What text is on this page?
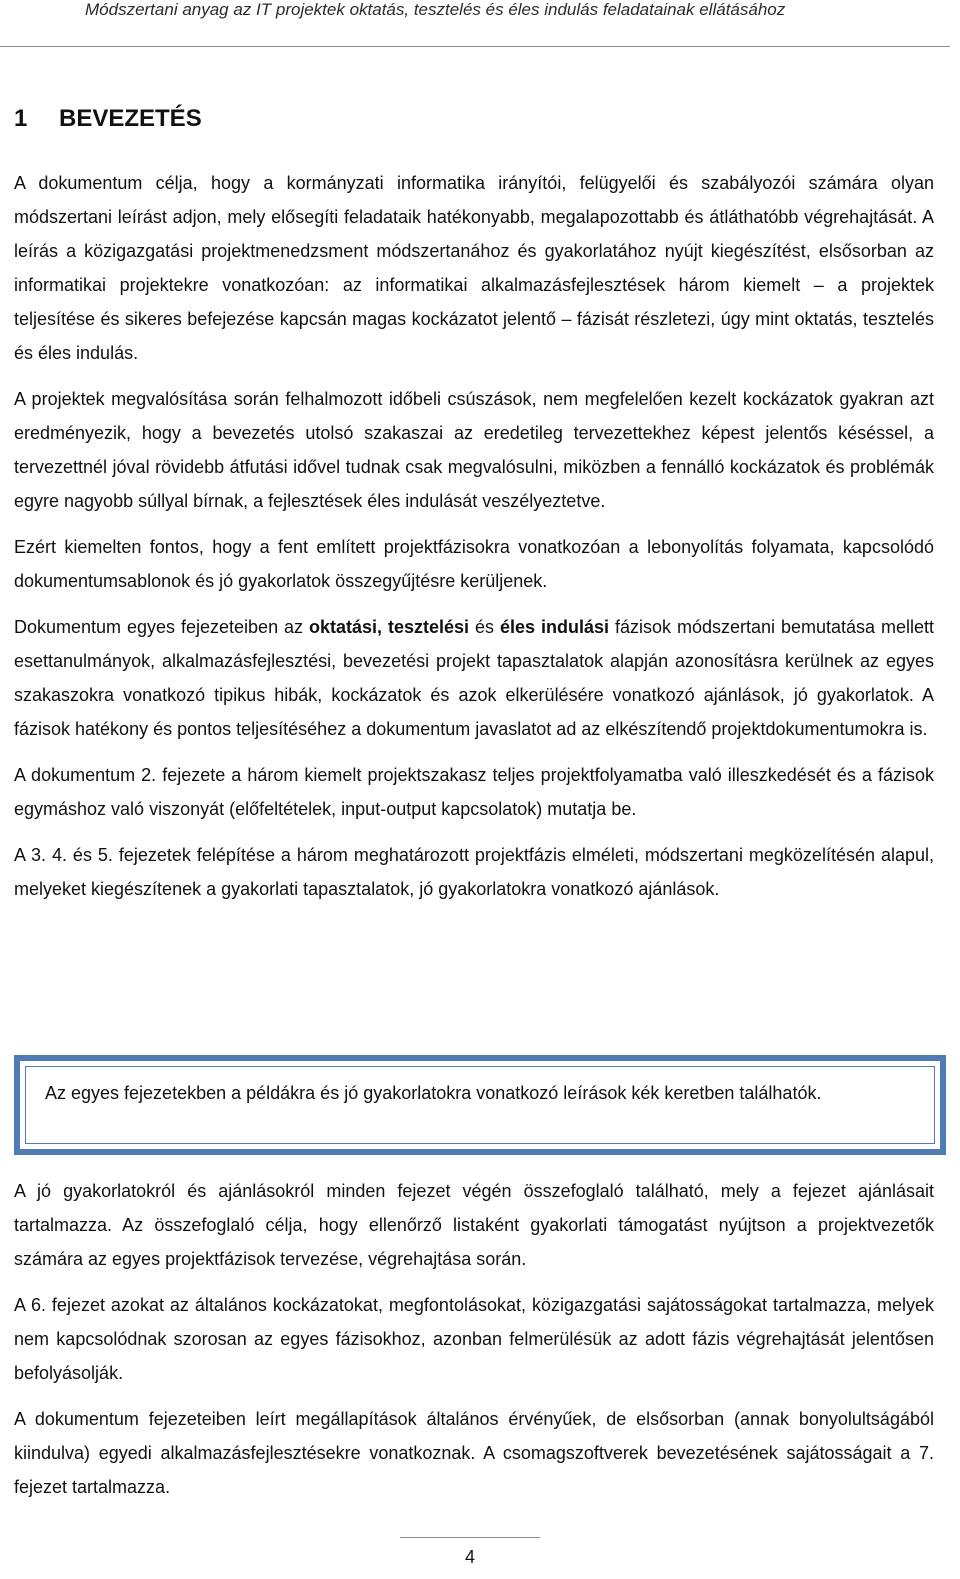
Módszertani anyag az IT projektek oktatás, tesztelés és éles indulás feladatainak ellátásához
1 BEVEZETÉS

A dokumentum célja, hogy a kormányzati informatika irányítói, felügyelői és szabályozói számára olyan módszertani leírást adjon, mely elősegíti feladataik hatékonyabb, megalapozottabb és átláthatóbb végrehajtását. A leírás a közigazgatási projektmenedzsment módszertanához és gyakorlatához nyújt kiegészítést, elsősorban az informatikai projektekre vonatkozóan: az informatikai alkalmazásfejlesztések három kiemelt – a projektek teljesítése és sikeres befejezése kapcsán magas kockázatot jelentő – fázisát részletezi, úgy mint oktatás, tesztelés és éles indulás.

A projektek megvalósítása során felhalmozott időbeli csúszások, nem megfelelően kezelt kockázatok gyakran azt eredményezik, hogy a bevezetés utolsó szakaszai az eredetileg tervezettekhez képest jelentős késéssel, a tervezettnél jóval rövidebb átfutási idővel tudnak csak megvalósulni, miközben a fennálló kockázatok és problémák egyre nagyobb súllyal bírnak, a fejlesztések éles indulását veszélyeztetve.

Ezért kiemelten fontos, hogy a fent említett projektfázisokra vonatkozóan a lebonyolítás folyamata, kapcsolódó dokumentumsablonok és jó gyakorlatok összegyűjtésre kerüljenek.

Dokumentum egyes fejezeteiben az oktatási, tesztelési és éles indulási fázisok módszertani bemutatása mellett esettanulmányok, alkalmazásfejlesztési, bevezetési projekt tapasztalatok alapján azonosításra kerülnek az egyes szakaszokra vonatkozó tipikus hibák, kockázatok és azok elkerülésére vonatkozó ajánlások, jó gyakorlatok. A fázisok hatékony és pontos teljesítéséhez a dokumentum javaslatot ad az elkészítendő projektdokumentumokra is.

A dokumentum 2. fejezete a három kiemelt projektszakasz teljes projektfolyamatba való illeszkedését és a fázisok egymáshoz való viszonyát (előfeltételek, input-output kapcsolatok) mutatja be.

A 3. 4. és 5. fejezetek felépítése a három meghatározott projektfázis elméleti, módszertani megközelítésén alapul, melyeket kiegészítenek a gyakorlati tapasztalatok, jó gyakorlatokra vonatkozó ajánlások.

Az egyes fejezetekben a példákra és jó gyakorlatokra vonatkozó leírások kék keretben találhatók.

A jó gyakorlatokról és ajánlásokról minden fejezet végén összefoglaló található, mely a fejezet ajánlásait tartalmazza. Az összefoglaló célja, hogy ellenőrző listaként gyakorlati támogatást nyújtson a projektvezetők számára az egyes projektfázisok tervezése, végrehajtása során.

A 6. fejezet azokat az általános kockázatokat, megfontolásokat, közigazgatási sajátosságokat tartalmazza, melyek nem kapcsolódnak szorosan az egyes fázisokhoz, azonban felmerülésük az adott fázis végrehajtását jelentősen befolyásolják.

A dokumentum fejezeteiben leírt megállapítások általános érvényűek, de elsősorban (annak bonyolultságából kiindulva) egyedi alkalmazásfejlesztésekre vonatkoznak. A csomagszoftverek bevezetésének sajátosságait a 7. fejezet tartalmazza.

4
